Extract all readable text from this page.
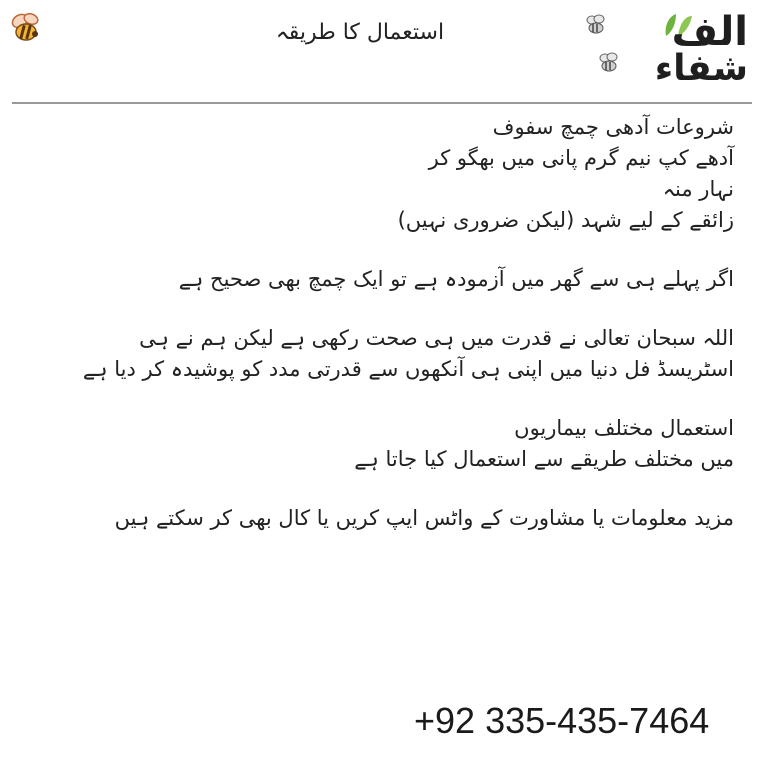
استعمال کا طریقہ	الف
شفاء

شروعات آدھی چمچ سفوف

آدھے کپ نیم گرم پانی میں بھگو کر

نہار منہ

زائقے کے لیے شہد (لیکن ضروری نہیں)

اگر پہلے ہی سے گھر میں آزمودہ ہے تو ایک چمچ بھی صحیح ہے

اللہ سبحان تعالی نے قدرت میں ہی صحت رکھی ہے لیکن ہم نے ہی

اسٹریسڈ فل دنیا میں اپنی ہی آنکھوں سے قدرتی مدد کو پوشیدہ کر دیا ہے

استعمال مختلف بیماریوں

میں مختلف طریقے سے استعمال کیا جاتا ہے

مزید معلومات یا مشاورت کے واٹس ایپ کریں یا کال بھی کر سکتے ہیں

+92 335-435-7464
